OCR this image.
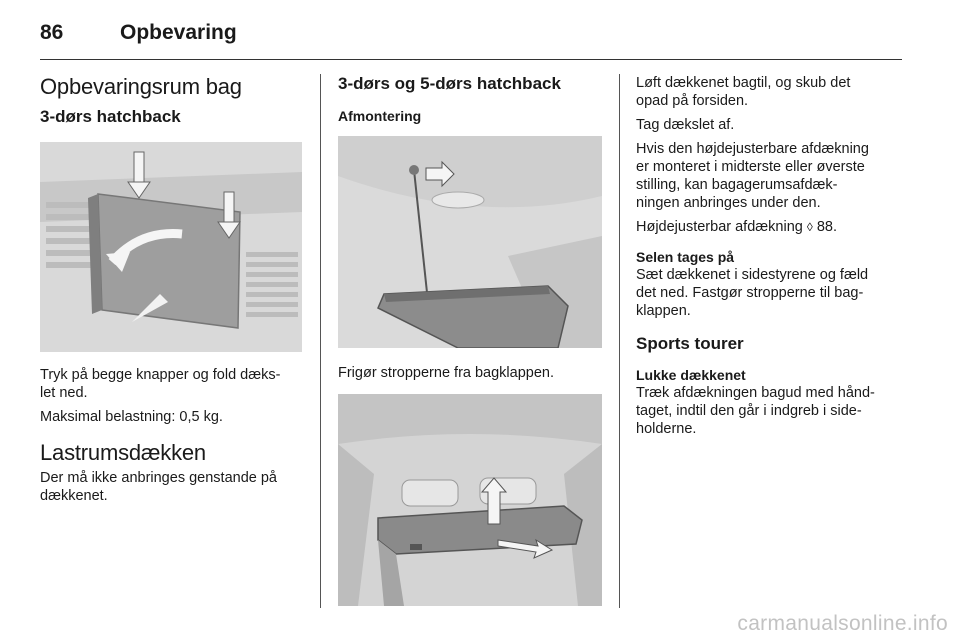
86	Opbevaring
Opbevaringsrum bag
3-dørs hatchback

Tryk på begge knapper og fold dæks-
let ned.

Maksimal belastning: 0,5 kg.

Lastrumsdækken

Der må ikke anbringes genstande på
dækkenet.

3-dørs og 5-dørs hatchback
Afmontering

Frigør stropperne fra bagklappen.

Løft dækkenet bagtil, og skub det
opad på forsiden.

Tag dækslet af.

Hvis den højdejusterbare afdækning
er monteret i midterste eller øverste
stilling, kan bagagerumsafdæk-
ningen anbringes under den.

Højdejusterbar afdækning ◊ 88.

Selen tages på

Sæt dækkenet i sidestyrene og fæld
det ned. Fastgør stropperne til bag-
klappen.

Sports tourer

Lukke dækkenet

Træk afdækningen bagud med hånd-
taget, indtil den går i indgreb i side-
holderne.

carmanualsonline.info
